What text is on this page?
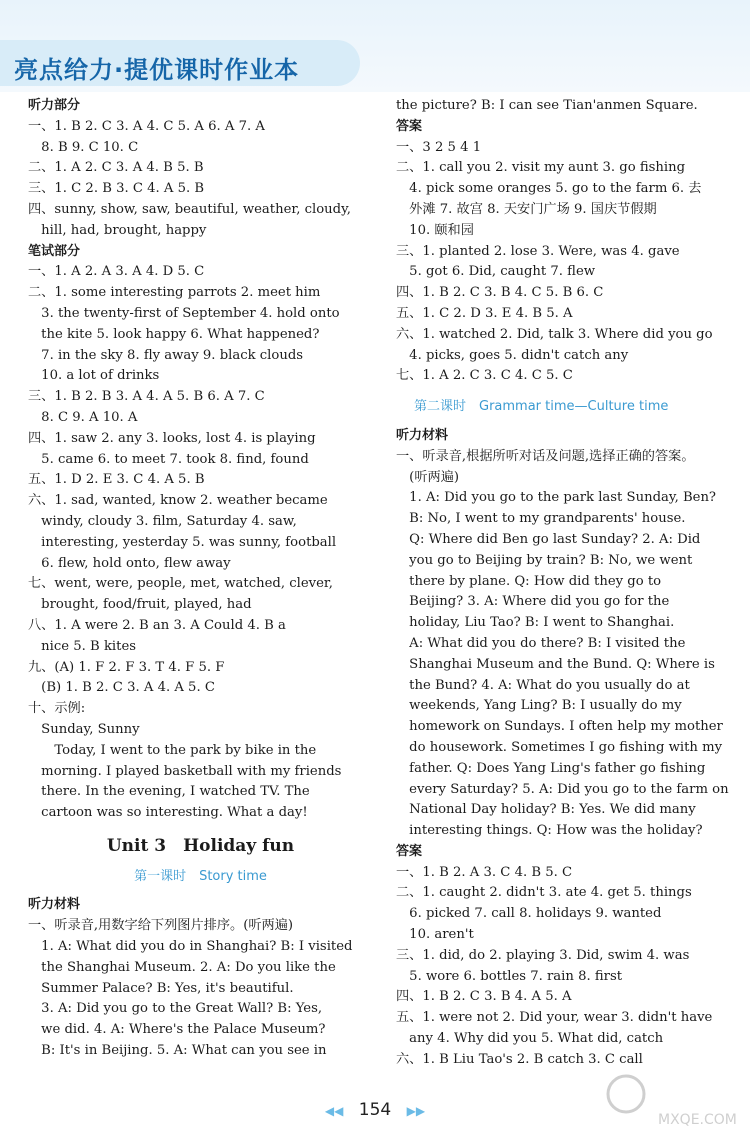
亮点给力·提优课时作业本
听力部分
一、1. B 2. C 3. A 4. C 5. A 6. A 7. A
　8. B 9. C 10. C
二、1. A 2. C 3. A 4. B 5. B
三、1. C 2. B 3. C 4. A 5. B
四、sunny, show, saw, beautiful, weather, cloudy,
　hill, had, brought, happy
笔试部分
一、1. A 2. A 3. A 4. D 5. C
二、1. some interesting parrots 2. meet him
　3. the twenty-first of September 4. hold onto
　the kite 5. look happy 6. What happened?
　7. in the sky 8. fly away 9. black clouds
　10. a lot of drinks
三、1. B 2. B 3. A 4. A 5. B 6. A 7. C
　8. C 9. A 10. A
四、1. saw 2. any 3. looks, lost 4. is playing
　5. came 6. to meet 7. took 8. find, found
五、1. D 2. E 3. C 4. A 5. B
六、1. sad, wanted, know 2. weather became
　windy, cloudy 3. film, Saturday 4. saw,
　interesting, yesterday 5. was sunny, football
　6. flew, hold onto, flew away
七、went, were, people, met, watched, clever,
　brought, food/fruit, played, had
八、1. A were 2. B an 3. A Could 4. B a
　nice 5. B kites
九、(A) 1. F 2. F 3. T 4. F 5. F
　(B) 1. B 2. C 3. A 4. A 5. C
十、示例:
　Sunday, Sunny
　　Today, I went to the park by bike in the
　morning. I played basketball with my friends
　there. In the evening, I watched TV. The
　cartoon was so interesting. What a day!
Unit 3　Holiday fun
第一课时　Story time
听力材料
一、听录音,用数字给下列图片排序。(听两遍)
　1. A: What did you do in Shanghai? B: I visited
　the Shanghai Museum. 2. A: Do you like the
　Summer Palace? B: Yes, it's beautiful.
　3. A: Did you go to the Great Wall? B: Yes,
　we did. 4. A: Where's the Palace Museum?
　B: It's in Beijing. 5. A: What can you see in
the picture? B: I can see Tian'anmen Square.
答案
一、3 2 5 4 1
二、1. call you 2. visit my aunt 3. go fishing
　4. pick some oranges 5. go to the farm 6. 去
　外滩 7. 故宫 8. 天安门广场 9. 国庆节假期
　10. 颐和园
三、1. planted 2. lose 3. Were, was 4. gave
　5. got 6. Did, caught 7. flew
四、1. B 2. C 3. B 4. C 5. B 6. C
五、1. C 2. D 3. E 4. B 5. A
六、1. watched 2. Did, talk 3. Where did you go
　4. picks, goes 5. didn't catch any
七、1. A 2. C 3. C 4. C 5. C
第二课时　Grammar time—Culture time
听力材料
一、听录音,根据所听对话及问题,选择正确的答案。
　(听两遍)
　1. A: Did you go to the park last Sunday, Ben?
　B: No, I went to my grandparents' house.
　Q: Where did Ben go last Sunday? 2. A: Did
　you go to Beijing by train? B: No, we went
　there by plane. Q: How did they go to
　Beijing? 3. A: Where did you go for the
　holiday, Liu Tao? B: I went to Shanghai.
　A: What did you do there? B: I visited the
　Shanghai Museum and the Bund. Q: Where is
　the Bund? 4. A: What do you usually do at
　weekends, Yang Ling? B: I usually do my
　homework on Sundays. I often help my mother
　do housework. Sometimes I go fishing with my
　father. Q: Does Yang Ling's father go fishing
　every Saturday? 5. A: Did you go to the farm on
　National Day holiday? B: Yes. We did many
　interesting things. Q: How was the holiday?
答案
一、1. B 2. A 3. C 4. B 5. C
二、1. caught 2. didn't 3. ate 4. get 5. things
　6. picked 7. call 8. holidays 9. wanted
　10. aren't
三、1. did, do 2. playing 3. Did, swim 4. was
　5. wore 6. bottles 7. rain 8. first
四、1. B 2. C 3. B 4. A 5. A
五、1. were not 2. Did your, wear 3. didn't have
　any 4. Why did you 5. What did, catch
六、1. B Liu Tao's 2. B catch 3. C call
◀◀ 154 ▶▶
MXQE.COM
